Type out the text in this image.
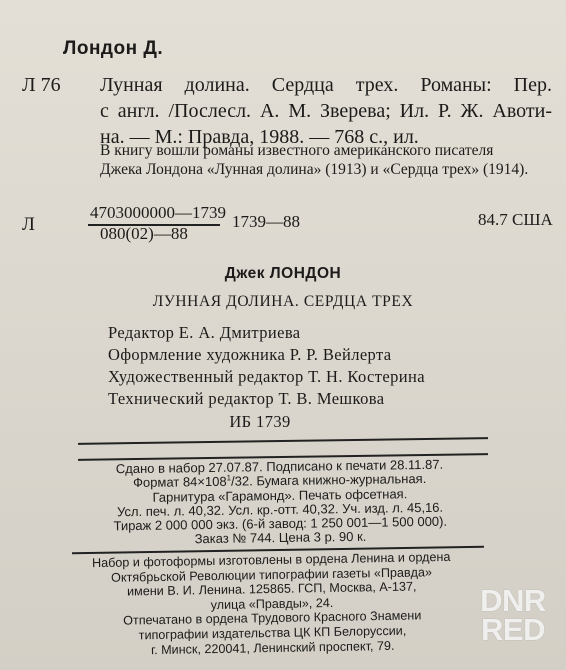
Лондон Д.
Л 76 Лунная долина. Сердца трех. Романы: Пер.
с англ. /Послесл. А. М. Зверева; Ил. Р. Ж. Авоти-
на. — М.: Правда, 1988. — 768 с., ил.
В книгу вошли романы известного американского писателя
Джека Лондона «Лунная долина» (1913) и «Сердца трех» (1914).
Л
4703000000—1739
080(02)—88
1739—88	84.7 США
Джек ЛОНДОН
ЛУННАЯ ДОЛИНА. СЕРДЦА ТРЕХ
Редактор Е. А. Дмитриева
Оформление художника Р. Р. Вейлерта
Художественный редактор Т. Н. Костерина
Технический редактор Т. В. Мешкова
ИБ 1739
Сдано в набор 27.07.87. Подписано к печати 28.11.87.
Формат $84\times 108^1/32$. Бумага книжно-журнальная.
Гарнитура «Гарамонд». Печать офсетная.
Усл. печ. л. 40,32. Усл. кр.-отт. 40,32. Уч. изд. л. 45,16.
Тираж 2 000 000 экз. (6-й завод: 1 250 001—1 500 000).
Заказ № 744. Цена 3 р. 90 к.
Набор и фотоформы изготовлены в ордена Ленина и ордена
Октябрьской Революции типографии газеты «Правда»
имени В. И. Ленина. 125865. ГСП, Москва, А-137,
улица «Правды», 24.
Отпечатано в ордена Трудового Красного Знамени
типографии издательства ЦК КП Белоруссии,
г. Минск, 220041, Ленинский проспект, 79.
DNR
RED
